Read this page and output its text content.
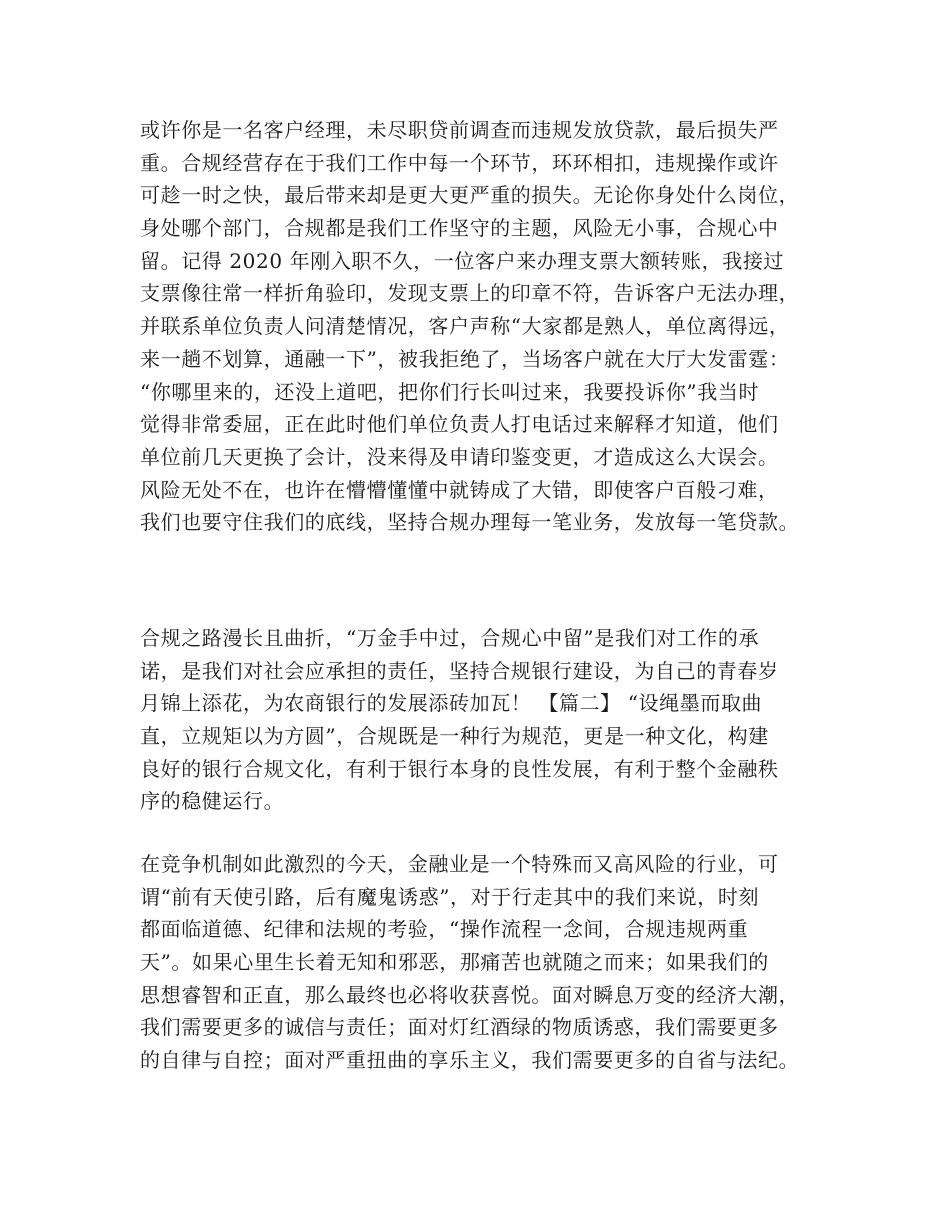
或许你是一名客户经理，未尽职贷前调查而违规发放贷款，最后损失严
重。合规经营存在于我们工作中每一个环节，环环相扣，违规操作或许
可趁一时之快，最后带来却是更大更严重的损失。无论你身处什么岗位，
身处哪个部门，合规都是我们工作坚守的主题，风险无小事，合规心中
留。记得 2020 年刚入职不久，一位客户来办理支票大额转账，我接过
支票像往常一样折角验印，发现支票上的印章不符，告诉客户无法办理，
并联系单位负责人问清楚情况，客户声称“大家都是熟人，单位离得远，
来一趟不划算，通融一下”，被我拒绝了，当场客户就在大厅大发雷霆：
“你哪里来的，还没上道吧，把你们行长叫过来，我要投诉你”我当时
觉得非常委屈，正在此时他们单位负责人打电话过来解释才知道，他们
单位前几天更换了会计，没来得及申请印鉴变更，才造成这么大误会。
风险无处不在，也许在懵懵懂懂中就铸成了大错，即使客户百般刁难，
我们也要守住我们的底线，坚持合规办理每一笔业务，发放每一笔贷款。
合规之路漫长且曲折，“万金手中过，合规心中留”是我们对工作的承
诺，是我们对社会应承担的责任，坚持合规银行建设，为自己的青春岁
月锦上添花，为农商银行的发展添砖加瓦！ 【篇二】 “设绳墨而取曲
直，立规矩以为方圆”，合规既是一种行为规范，更是一种文化，构建
良好的银行合规文化，有利于银行本身的良性发展，有利于整个金融秩
序的稳健运行。
在竞争机制如此激烈的今天，金融业是一个特殊而又高风险的行业，可
谓“前有天使引路，后有魔鬼诱惑”，对于行走其中的我们来说，时刻
都面临道德、纪律和法规的考验，“操作流程一念间，合规违规两重
天”。如果心里生长着无知和邪恶，那痛苦也就随之而来；如果我们的
思想睿智和正直，那么最终也必将收获喜悦。面对瞬息万变的经济大潮，
我们需要更多的诚信与责任；面对灯红酒绿的物质诱惑，我们需要更多
的自律与自控；面对严重扭曲的享乐主义，我们需要更多的自省与法纪。
